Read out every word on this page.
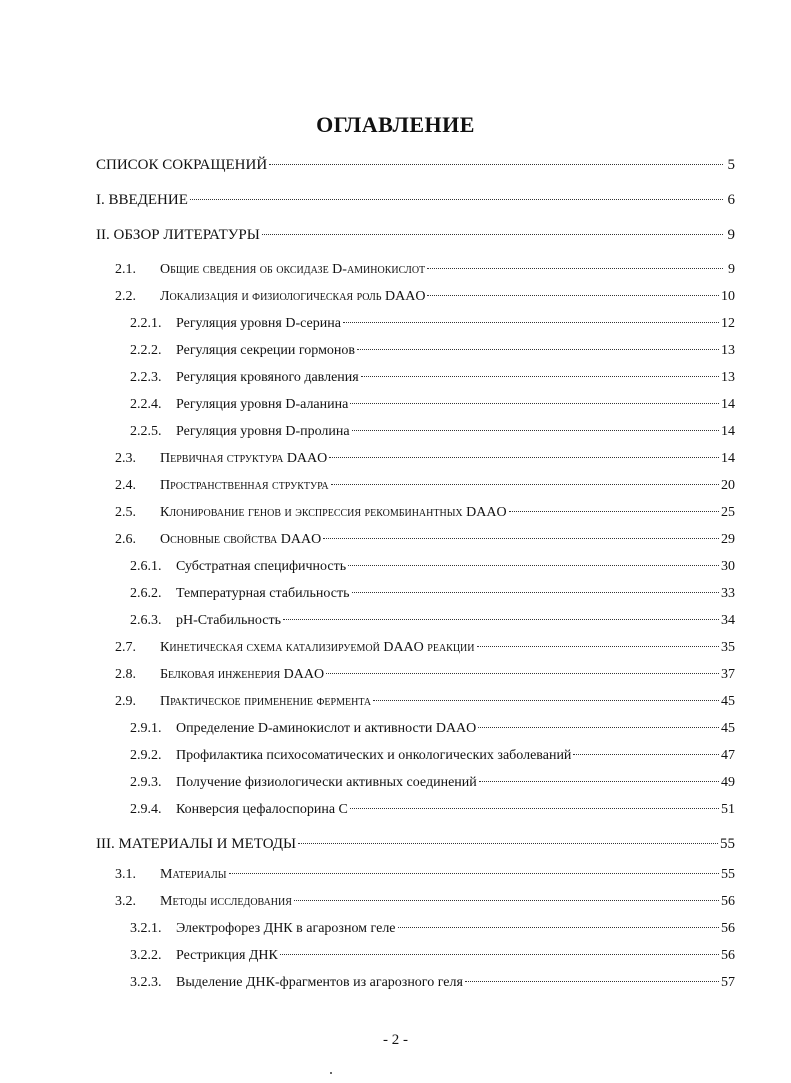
ОГЛАВЛЕНИЕ
СПИСОК СОКРАЩЕНИЙ	5
I. ВВЕДЕНИЕ	6
II. ОБЗОР ЛИТЕРАТУРЫ	9
2.1.	Общие сведения об оксидазе D-аминокислот	9
2.2.	Локализация и физиологическая роль DAAO	10
2.2.1.	Регуляция уровня D-серина	12
2.2.2.	Регуляция секреции гормонов	13
2.2.3.	Регуляция кровяного давления	13
2.2.4.	Регуляция уровня D-аланина	14
2.2.5.	Регуляция уровня D-пролина	14
2.3.	Первичная структура DAAO	14
2.4.	Пространственная структура	20
2.5.	Клонирование генов и экспрессия рекомбинантных DAAO	25
2.6.	Основные свойства DAAO	29
2.6.1.	Субстратная специфичность	30
2.6.2.	Температурная стабильность	33
2.6.3.	рН-Стабильность	34
2.7.	Кинетическая схема катализируемой DAAO реакции	35
2.8.	Белковая инженерия DAAO	37
2.9.	Практическое применение фермента	45
2.9.1.	Определение D-аминокислот и активности DAAO	45
2.9.2.	Профилактика психосоматических и онкологических заболеваний	47
2.9.3.	Получение физиологически активных соединений	49
2.9.4.	Конверсия цефалоспорина С	51
III. МАТЕРИАЛЫ И МЕТОДЫ	55
3.1.	Материалы	55
3.2.	Методы исследования	56
3.2.1.	Электрофорез ДНК в агарозном геле	56
3.2.2.	Рестрикция ДНК	56
3.2.3.	Выделение ДНК-фрагментов из агарозного геля	57
- 2 -
